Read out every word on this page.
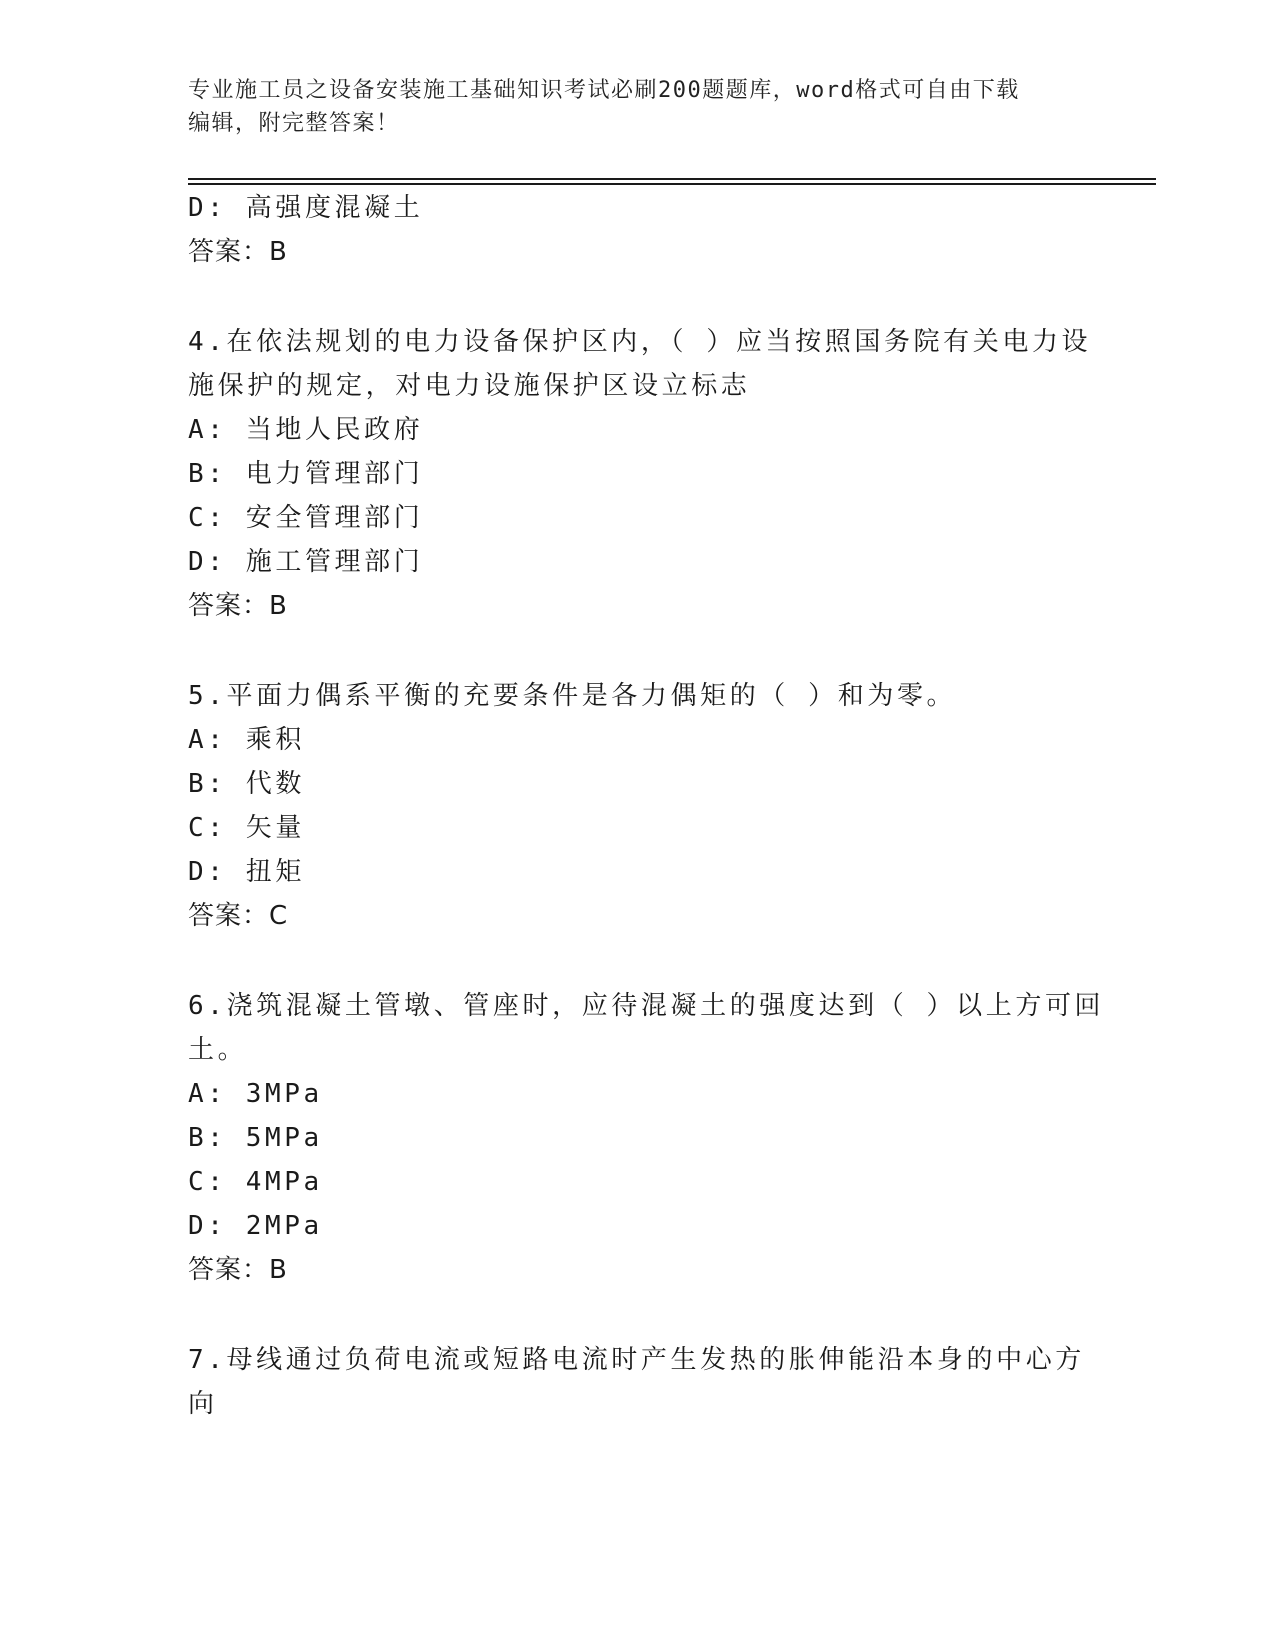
专业施工员之设备安装施工基础知识考试必刷200题题库，word格式可自由下载
编辑，附完整答案！
D: 高强度混凝土
答案：B
4.在依法规划的电力设备保护区内，（ ）应当按照国务院有关电力设
施保护的规定，对电力设施保护区设立标志
A: 当地人民政府
B: 电力管理部门
C: 安全管理部门
D: 施工管理部门
答案：B
5.平面力偶系平衡的充要条件是各力偶矩的（ ）和为零。
A: 乘积
B: 代数
C: 矢量
D: 扭矩
答案：C
6.浇筑混凝土管墩、管座时，应待混凝土的强度达到（ ）以上方可回
土。
A: 3MPa
B: 5MPa
C: 4MPa
D: 2MPa
答案：B
7.母线通过负荷电流或短路电流时产生发热的胀伸能沿本身的中心方
向
